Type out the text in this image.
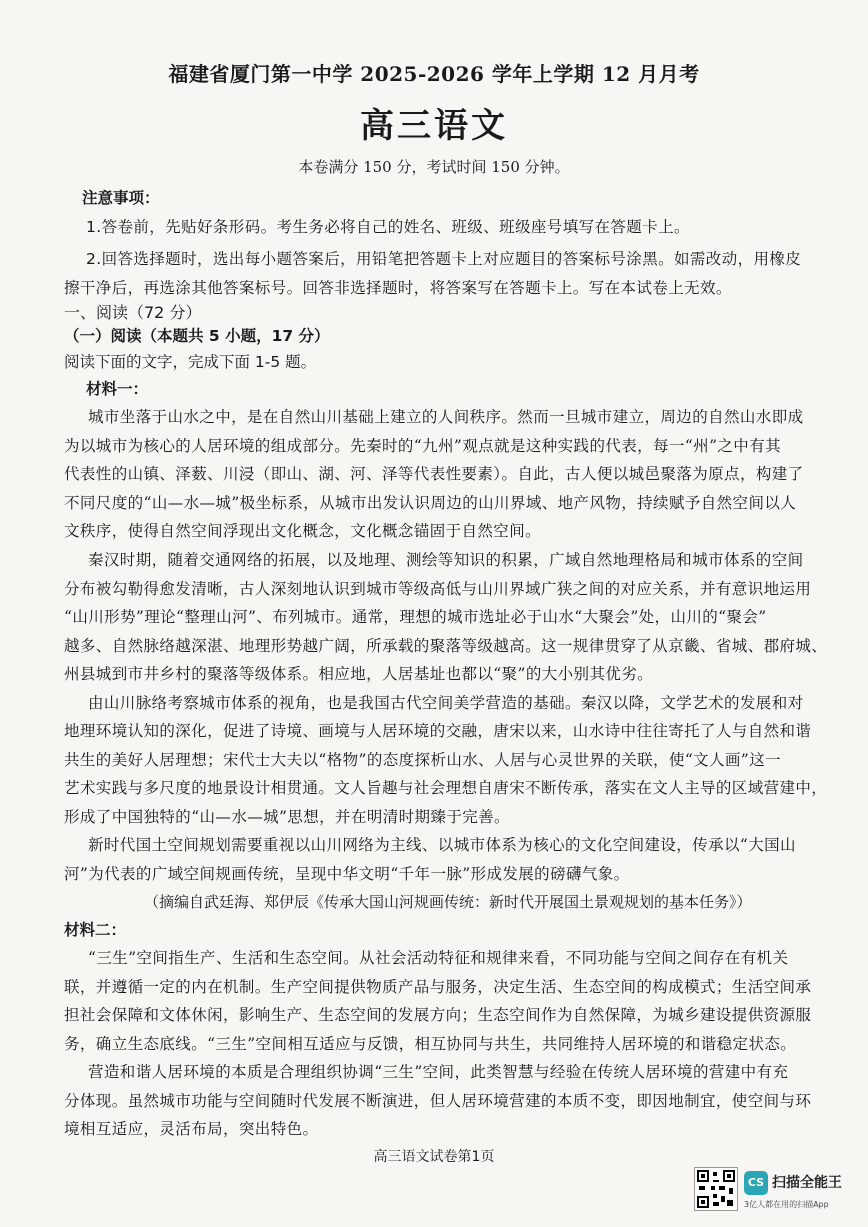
福建省厦门第一中学 2025-2026 学年上学期 12 月月考
高三语文
本卷满分 150 分，考试时间 150 分钟。
注意事项：
1.答卷前，先贴好条形码。考生务必将自己的姓名、班级、班级座号填写在答题卡上。
2.回答选择题时，选出每小题答案后，用铅笔把答题卡上对应题目的答案标号涂黑。如需改动，用橡皮
擦干净后，再选涂其他答案标号。回答非选择题时，将答案写在答题卡上。写在本试卷上无效。
一、阅读（72 分）
（一）阅读（本题共 5 小题，17 分）
阅读下面的文字，完成下面 1-5 题。
材料一：
城市坐落于山水之中，是在自然山川基础上建立的人间秩序。然而一旦城市建立，周边的自然山水即成
为以城市为核心的人居环境的组成部分。先秦时的“九州”观点就是这种实践的代表，每一“州”之中有其
代表性的山镇、泽薮、川浸（即山、湖、河、泽等代表性要素）。自此，古人便以城邑聚落为原点，构建了
不同尺度的“山—水—城”极坐标系，从城市出发认识周边的山川界域、地产风物，持续赋予自然空间以人
文秩序，使得自然空间浮现出文化概念，文化概念锚固于自然空间。
秦汉时期，随着交通网络的拓展，以及地理、测绘等知识的积累，广域自然地理格局和城市体系的空间
分布被勾勒得愈发清晰，古人深刻地认识到城市等级高低与山川界域广狭之间的对应关系，并有意识地运用
“山川形势”理论“整理山河”、布列城市。通常，理想的城市选址必于山水“大聚会”处，山川的“聚会”
越多、自然脉络越深湛、地理形势越广阔，所承载的聚落等级越高。这一规律贯穿了从京畿、省城、郡府城、
州县城到市井乡村的聚落等级体系。相应地，人居基址也都以“聚”的大小别其优劣。
由山川脉络考察城市体系的视角，也是我国古代空间美学营造的基础。秦汉以降，文学艺术的发展和对
地理环境认知的深化，促进了诗境、画境与人居环境的交融，唐宋以来，山水诗中往往寄托了人与自然和谐
共生的美好人居理想；宋代士大夫以“格物”的态度探析山水、人居与心灵世界的关联，使“文人画”这一
艺术实践与多尺度的地景设计相贯通。文人旨趣与社会理想自唐宋不断传承，落实在文人主导的区域营建中，
形成了中国独特的“山—水—城”思想，并在明清时期臻于完善。
新时代国土空间规划需要重视以山川网络为主线、以城市体系为核心的文化空间建设，传承以“大国山
河”为代表的广域空间规画传统，呈现中华文明“千年一脉”形成发展的磅礴气象。
（摘编自武廷海、郑伊辰《传承大国山河规画传统：新时代开展国土景观规划的基本任务》）
材料二：
“三生”空间指生产、生活和生态空间。从社会活动特征和规律来看，不同功能与空间之间存在有机关
联，并遵循一定的内在机制。生产空间提供物质产品与服务，决定生活、生态空间的构成模式；生活空间承
担社会保障和文体休闲，影响生产、生态空间的发展方向；生态空间作为自然保障，为城乡建设提供资源服
务，确立生态底线。“三生”空间相互适应与反馈，相互协同与共生，共同维持人居环境的和谐稳定状态。
营造和谐人居环境的本质是合理组织协调“三生”空间，此类智慧与经验在传统人居环境的营建中有充
分体现。虽然城市功能与空间随时代发展不断演进，但人居环境营建的本质不变，即因地制宜，使空间与环
境相互适应，灵活布局，突出特色。
高三语文试卷第1页
CS 扫描全能王
3亿人都在用的扫描App
